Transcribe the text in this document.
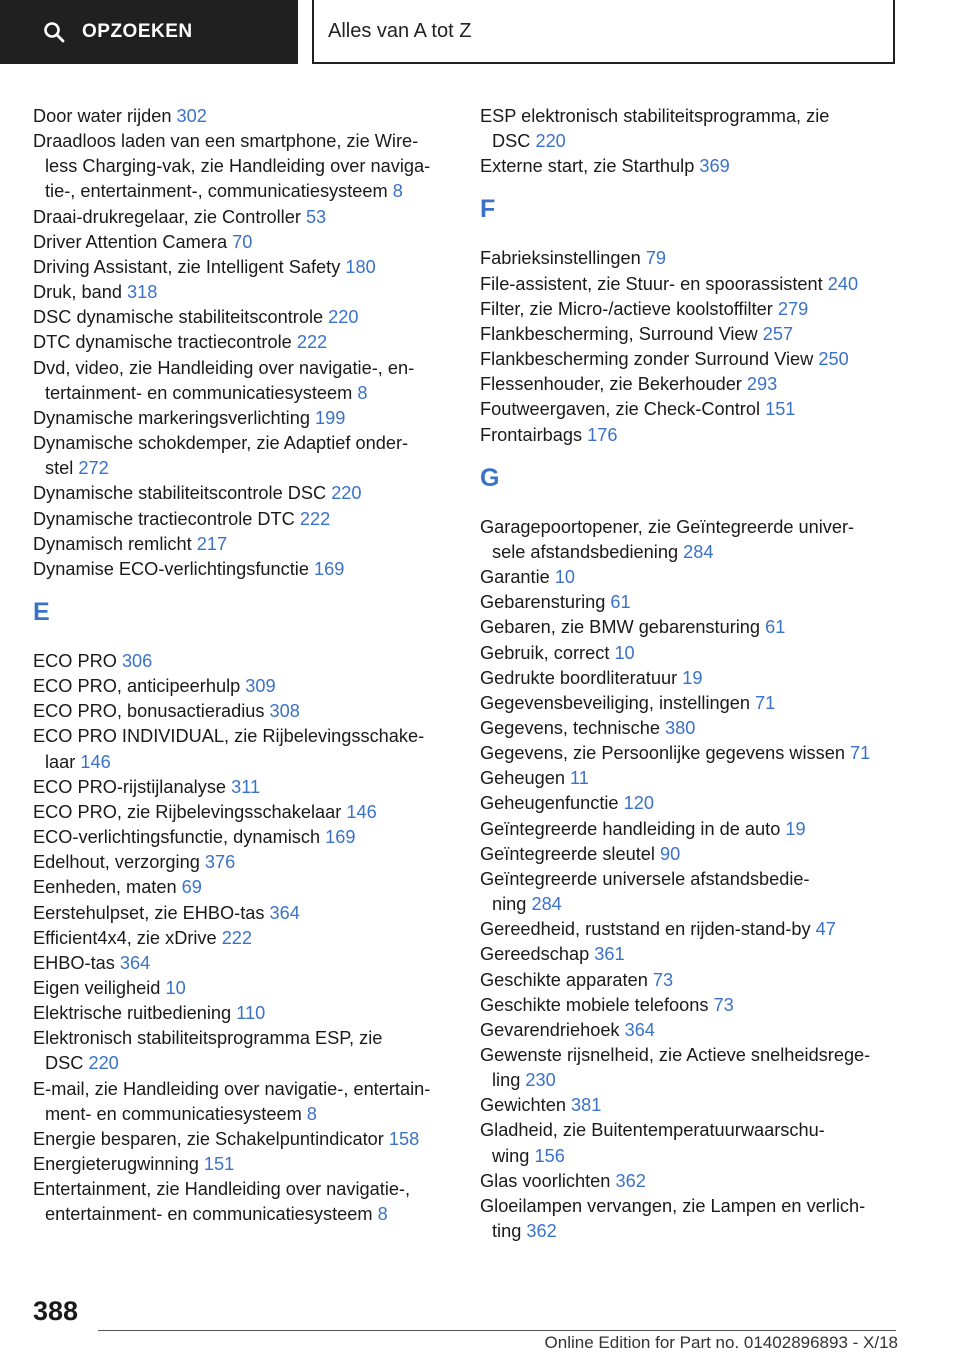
OPZOEKEN	Alles van A tot Z
Door water rijden 302
Draadloos laden van een smartphone, zie Wire-
less Charging-vak, zie Handleiding over naviga-
tie-, entertainment-, communicatiesysteem 8
Draai-drukregelaar, zie Controller 53
Driver Attention Camera 70
Driving Assistant, zie Intelligent Safety 180
Druk, band 318
DSC dynamische stabiliteitscontrole 220
DTC dynamische tractiecontrole 222
Dvd, video, zie Handleiding over navigatie-, en-
tertainment- en communicatiesysteem 8
Dynamische markeringsverlichting 199
Dynamische schokdemper, zie Adaptief onder-
stel 272
Dynamische stabiliteitscontrole DSC 220
Dynamische tractiecontrole DTC 222
Dynamisch remlicht 217
Dynamise ECO-verlichtingsfunctie 169
E
ECO PRO 306
ECO PRO, anticipeerhulp 309
ECO PRO, bonusactieradius 308
ECO PRO INDIVIDUAL, zie Rijbelevingsschake-
laar 146
ECO PRO-rijstijlanalyse 311
ECO PRO, zie Rijbelevingsschakelaar 146
ECO-verlichtingsfunctie, dynamisch 169
Edelhout, verzorging 376
Eenheden, maten 69
Eerstehulpset, zie EHBO-tas 364
Efficient4x4, zie xDrive 222
EHBO-tas 364
Eigen veiligheid 10
Elektrische ruitbediening 110
Elektronisch stabiliteitsprogramma ESP, zie
DSC 220
E-mail, zie Handleiding over navigatie-, entertain-
ment- en communicatiesysteem 8
Energie besparen, zie Schakelpuntindicator 158
Energieterugwinning 151
Entertainment, zie Handleiding over navigatie-,
entertainment- en communicatiesysteem 8
ESP elektronisch stabiliteitsprogramma, zie
DSC 220
Externe start, zie Starthulp 369
F
Fabrieksinstellingen 79
File-assistent, zie Stuur- en spoorassistent 240
Filter, zie Micro-/actieve koolstoffilter 279
Flankbescherming, Surround View 257
Flankbescherming zonder Surround View 250
Flessenhouder, zie Bekerhouder 293
Foutweergaven, zie Check-Control 151
Frontairbags 176
G
Garagepoortopener, zie Geïntegreerde univer-
sele afstandsbediening 284
Garantie 10
Gebarensturing 61
Gebaren, zie BMW gebarensturing 61
Gebruik, correct 10
Gedrukte boordliteratuur 19
Gegevensbeveiliging, instellingen 71
Gegevens, technische 380
Gegevens, zie Persoonlijke gegevens wissen 71
Geheugen 11
Geheugenfunctie 120
Geïntegreerde handleiding in de auto 19
Geïntegreerde sleutel 90
Geïntegreerde universele afstandsbedie-
ning 284
Gereedheid, ruststand en rijden-stand-by 47
Gereedschap 361
Geschikte apparaten 73
Geschikte mobiele telefoons 73
Gevarendriehoek 364
Gewenste rijsnelheid, zie Actieve snelheidsrege-
ling 230
Gewichten 381
Gladheid, zie Buitentemperatuurwaarschu-
wing 156
Glas voorlichten 362
Gloeilampen vervangen, zie Lampen en verlich-
ting 362
388
Online Edition for Part no. 01402896893 - X/18
